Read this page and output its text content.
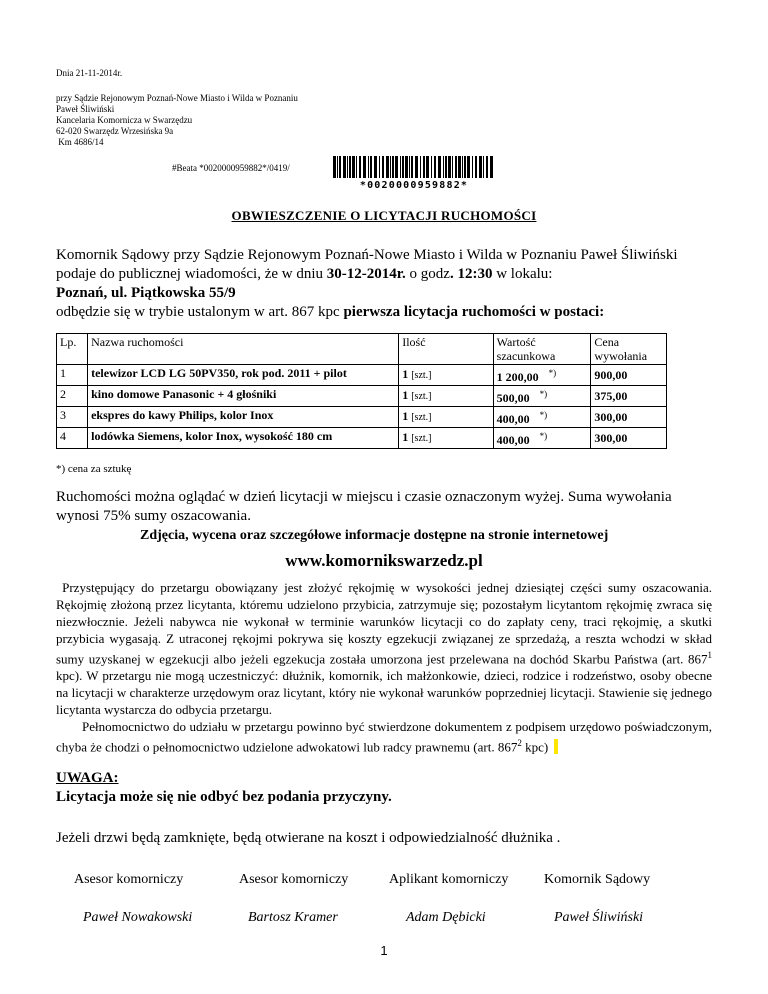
Dnia 21-11-2014r.
przy Sądzie Rejonowym Poznań-Nowe Miasto i Wilda w Poznaniu
Paweł Śliwiński
Kancelaria Komornicza w Swarzędzu
62-020 Swarzędz Wrzesińska 9a
Km 4686/14
#Beata *0020000959882*/0419/
*0020000959882*
OBWIESZCZENIE O LICYTACJI RUCHOMOŚCI
Komornik Sądowy przy Sądzie Rejonowym Poznań-Nowe Miasto i Wilda w Poznaniu Paweł Śliwiński
podaje do publicznej wiadomości, że w dniu 30-12-2014r. o godz. 12:30 w lokalu:
Poznań, ul. Piątkowska 55/9
odbędzie się w trybie ustalonym w art. 867 kpc pierwsza licytacja ruchomości w postaci:
Lp.	Nazwa ruchomości	Ilość	Wartość szacunkowa	Cena wywołania
1	telewizor LCD LG 50PV350, rok pod. 2011 + pilot	1 [szt.]	1 200,00 *)	900,00
2	kino domowe Panasonic + 4 głośniki	1 [szt.]	500,00 *)	375,00
3	ekspres do kawy Philips, kolor Inox	1 [szt.]	400,00 *)	300,00
4	lodówka Siemens, kolor Inox, wysokość 180 cm	1 [szt.]	400,00 *)	300,00
*) cena za sztukę
Ruchomości można oglądać w dzień licytacji w miejscu i czasie oznaczonym wyżej. Suma wywołania
wynosi 75% sumy oszacowania.
Zdjęcia, wycena oraz szczegółowe informacje dostępne na stronie internetowej
www.komornikswarzedz.pl
Przystępujący do przetargu obowiązany jest złożyć rękojmię w wysokości jednej dziesiątej części sumy oszacowania. Rękojmię złożoną przez licytanta, któremu udzielono przybicia, zatrzymuje się; pozostałym licytantom rękojmię zwraca się niezwłocznie. Jeżeli nabywca nie wykonał w terminie warunków licytacji co do zapłaty ceny, traci rękojmię, a skutki przybicia wygasają. Z utraconej rękojmi pokrywa się koszty egzekucji związanej ze sprzedażą, a reszta wchodzi w skład sumy uzyskanej w egzekucji albo jeżeli egzekucja została umorzona jest przelewana na dochód Skarbu Państwa (art. $867^1$ kpc). W przetargu nie mogą uczestniczyć: dłużnik, komornik, ich małżonkowie, dzieci, rodzice i rodzeństwo, osoby obecne na licytacji w charakterze urzędowym oraz licytant, który nie wykonał warunków poprzedniej licytacji. Stawienie się jednego licytanta wystarcza do odbycia przetargu.
Pełnomocnictwo do udziału w przetargu powinno być stwierdzone dokumentem z podpisem urzędowo poświadczonym, chyba że chodzi o pełnomocnictwo udzielone adwokatowi lub radcy prawnemu (art. $867^2$ kpc)
UWAGA:
Licytacja może się nie odbyć bez podania przyczyny.
Jeżeli drzwi będą zamknięte, będą otwierane na koszt i odpowiedzialność dłużnika .
Asesor komorniczy	Asesor komorniczy	Aplikant komorniczy	Komornik Sądowy
Paweł Nowakowski	Bartosz Kramer	Adam Dębicki	Paweł Śliwiński
1
